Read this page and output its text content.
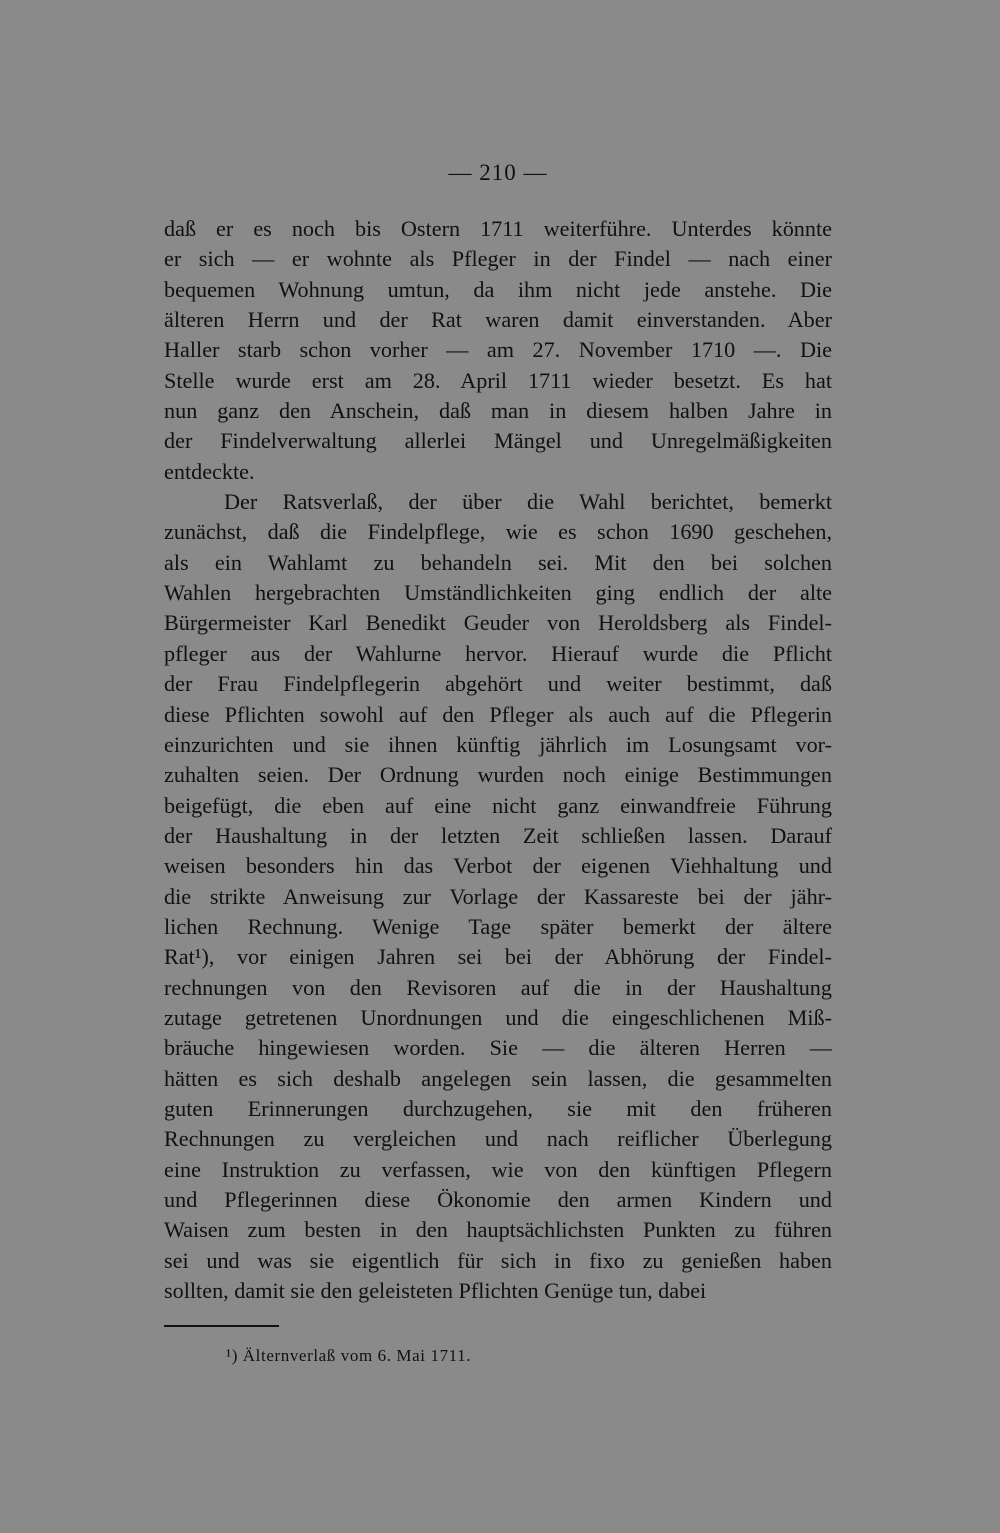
— 210 —
daß er es noch bis Ostern 1711 weiterführe. Unterdes könnte
er sich — er wohnte als Pfleger in der Findel — nach einer
bequemen Wohnung umtun, da ihm nicht jede anstehe. Die
älteren Herrn und der Rat waren damit einverstanden. Aber
Haller starb schon vorher — am 27. November 1710 —. Die
Stelle wurde erst am 28. April 1711 wieder besetzt. Es hat
nun ganz den Anschein, daß man in diesem halben Jahre in
der Findelverwaltung allerlei Mängel und Unregelmäßigkeiten
entdeckte.
Der Ratsverlaß, der über die Wahl berichtet, bemerkt
zunächst, daß die Findelpflege, wie es schon 1690 geschehen,
als ein Wahlamt zu behandeln sei. Mit den bei solchen
Wahlen hergebrachten Umständlichkeiten ging endlich der alte
Bürgermeister Karl Benedikt Geuder von Heroldsberg als Findel-
pfleger aus der Wahlurne hervor. Hierauf wurde die Pflicht
der Frau Findelpflegerin abgehört und weiter bestimmt, daß
diese Pflichten sowohl auf den Pfleger als auch auf die Pflegerin
einzurichten und sie ihnen künftig jährlich im Losungsamt vor-
zuhalten seien. Der Ordnung wurden noch einige Bestimmungen
beigefügt, die eben auf eine nicht ganz einwandfreie Führung
der Haushaltung in der letzten Zeit schließen lassen. Darauf
weisen besonders hin das Verbot der eigenen Viehhaltung und
die strikte Anweisung zur Vorlage der Kassareste bei der jähr-
lichen Rechnung. Wenige Tage später bemerkt der ältere
Rat¹), vor einigen Jahren sei bei der Abhörung der Findel-
rechnungen von den Revisoren auf die in der Haushaltung
zutage getretenen Unordnungen und die eingeschlichenen Miß-
bräuche hingewiesen worden. Sie — die älteren Herren —
hätten es sich deshalb angelegen sein lassen, die gesammelten
guten Erinnerungen durchzugehen, sie mit den früheren
Rechnungen zu vergleichen und nach reiflicher Überlegung
eine Instruktion zu verfassen, wie von den künftigen Pflegern
und Pflegerinnen diese Ökonomie den armen Kindern und
Waisen zum besten in den hauptsächlichsten Punkten zu führen
sei und was sie eigentlich für sich in fixo zu genießen haben
sollten, damit sie den geleisteten Pflichten Genüge tun, dabei
¹) Älternverlaß vom 6. Mai 1711.
